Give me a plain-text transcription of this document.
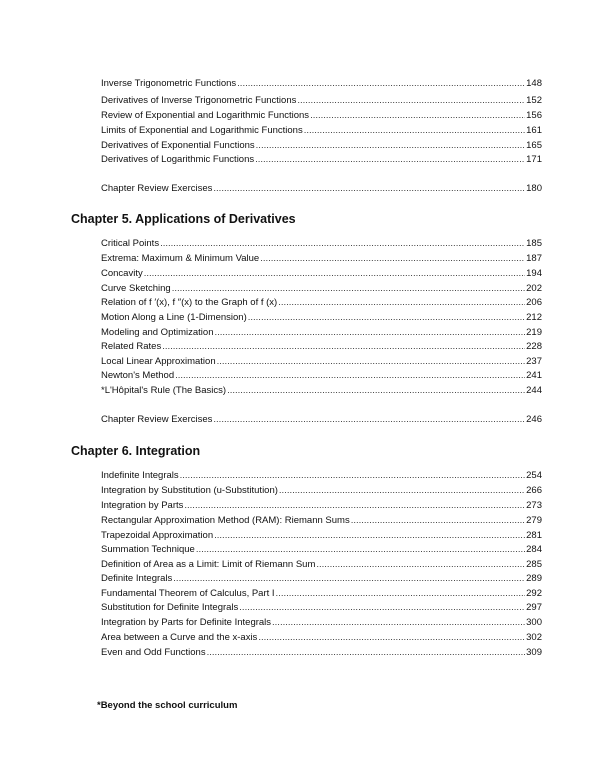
Inverse Trigonometric Functions .....	148
Derivatives of Inverse Trigonometric Functions .....	152
Review of Exponential and Logarithmic Functions .....	156
Limits of Exponential and Logarithmic Functions .....	161
Derivatives of Exponential Functions .....	165
Derivatives of Logarithmic Functions .....	171
Chapter Review Exercises .....	180
Chapter 5. Applications of Derivatives
Critical Points .....	185
Extrema: Maximum & Minimum Value .....	187
Concavity .....	194
Curve Sketching .....	202
Relation of f ′(x), f ″(x) to the Graph of f (x) .....	206
Motion Along a Line (1-Dimension) .....	212
Modeling and Optimization .....	219
Related Rates .....	228
Local Linear Approximation .....	237
Newton's Method .....	241
*L'Hôpital's Rule (The Basics) .....	244
Chapter Review Exercises .....	246
Chapter 6. Integration
Indefinite Integrals .....	254
Integration by Substitution (u-Substitution) .....	266
Integration by Parts .....	273
Rectangular Approximation Method (RAM): Riemann Sums .....	279
Trapezoidal Approximation .....	281
Summation Technique .....	284
Definition of Area as a Limit: Limit of Riemann Sum .....	285
Definite Integrals .....	289
Fundamental Theorem of Calculus, Part I .....	292
Substitution for Definite Integrals .....	297
Integration by Parts for Definite Integrals .....	300
Area between a Curve and the x-axis .....	302
Even and Odd Functions .....	309
*Beyond the school curriculum
